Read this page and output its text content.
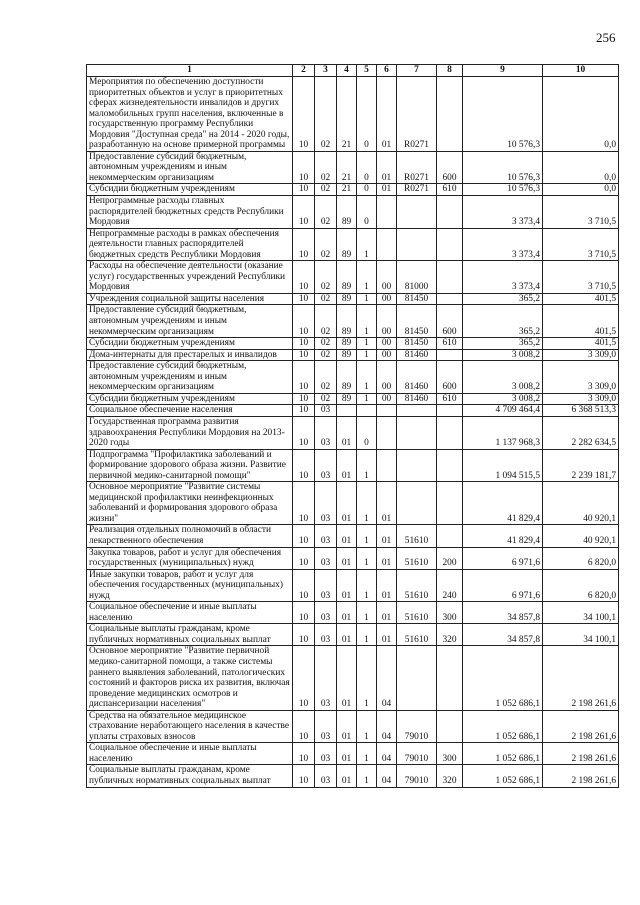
256
1	2	3	4	5	6	7	8	9	10
Мероприятия по обеспечению доступности приоритетных объектов и услуг в приоритетных сферах жизнедеятельности инвалидов и других маломобильных групп населения, включенные в государственную программу Республики Мордовия "Доступная среда" на 2014 - 2020 годы, разработанную на основе примерной программы	10	02	21	0	01	R0271		10 576,3	0,0
Предоставление субсидий бюджетным, автономным учреждениям и иным некоммерческим организациям	10	02	21	0	01	R0271	600	10 576,3	0,0
Субсидии бюджетным учреждениям	10	02	21	0	01	R0271	610	10 576,3	0,0
Непрограммные расходы главных распорядителей бюджетных средств Республики Мордовия	10	02	89	0				3 373,4	3 710,5
Непрограммные расходы в рамках обеспечения деятельности главных распорядителей бюджетных средств Республики Мордовия	10	02	89	1				3 373,4	3 710,5
Расходы на обеспечение деятельности (оказание услуг) государственных учреждений Республики Мордовия	10	02	89	1	00	81000		3 373,4	3 710,5
Учреждения социальной защиты населения	10	02	89	1	00	81450		365,2	401,5
Предоставление субсидий бюджетным, автономным учреждениям и иным некоммерческим организациям	10	02	89	1	00	81450	600	365,2	401,5
Субсидии бюджетным учреждениям	10	02	89	1	00	81450	610	365,2	401,5
Дома-интернаты для престарелых и инвалидов	10	02	89	1	00	81460		3 008,2	3 309,0
Предоставление субсидий бюджетным, автономным учреждениям и иным некоммерческим организациям	10	02	89	1	00	81460	600	3 008,2	3 309,0
Субсидии бюджетным учреждениям	10	02	89	1	00	81460	610	3 008,2	3 309,0
Социальное обеспечение населения	10	03						4 709 464,4	6 368 513,3
Государственная программа развития здравоохранения Республики Мордовия на 2013-2020 годы	10	03	01	0				1 137 968,3	2 282 634,5
Подпрограмма "Профилактика заболеваний и формирование здорового образа жизни. Развитие первичной медико-санитарной помощи"	10	03	01	1				1 094 515,5	2 239 181,7
Основное мероприятие "Развитие системы медицинской профилактики неинфекционных заболеваний и формирования здорового образа жизни"	10	03	01	1	01			41 829,4	40 920,1
Реализация отдельных полномочий в области лекарственного обеспечения	10	03	01	1	01	51610		41 829,4	40 920,1
Закупка товаров, работ и услуг для обеспечения государственных (муниципальных) нужд	10	03	01	1	01	51610	200	6 971,6	6 820,0
Иные закупки товаров, работ и услуг для обеспечения государственных (муниципальных) нужд	10	03	01	1	01	51610	240	6 971,6	6 820,0
Социальное обеспечение и иные выплаты населению	10	03	01	1	01	51610	300	34 857,8	34 100,1
Социальные выплаты гражданам, кроме публичных нормативных социальных выплат	10	03	01	1	01	51610	320	34 857,8	34 100,1
Основное мероприятие "Развитие первичной медико-санитарной помощи, а также системы раннего выявления заболеваний, патологических состояний и факторов риска их развития, включая проведение медицинских осмотров и диспансеризации населения"	10	03	01	1	04			1 052 686,1	2 198 261,6
Средства на обязательное медицинское страхование неработающего населения в качестве уплаты страховых взносов	10	03	01	1	04	79010		1 052 686,1	2 198 261,6
Социальное обеспечение и иные выплаты населению	10	03	01	1	04	79010	300	1 052 686,1	2 198 261,6
Социальные выплаты гражданам, кроме публичных нормативных социальных выплат	10	03	01	1	04	79010	320	1 052 686,1	2 198 261,6
